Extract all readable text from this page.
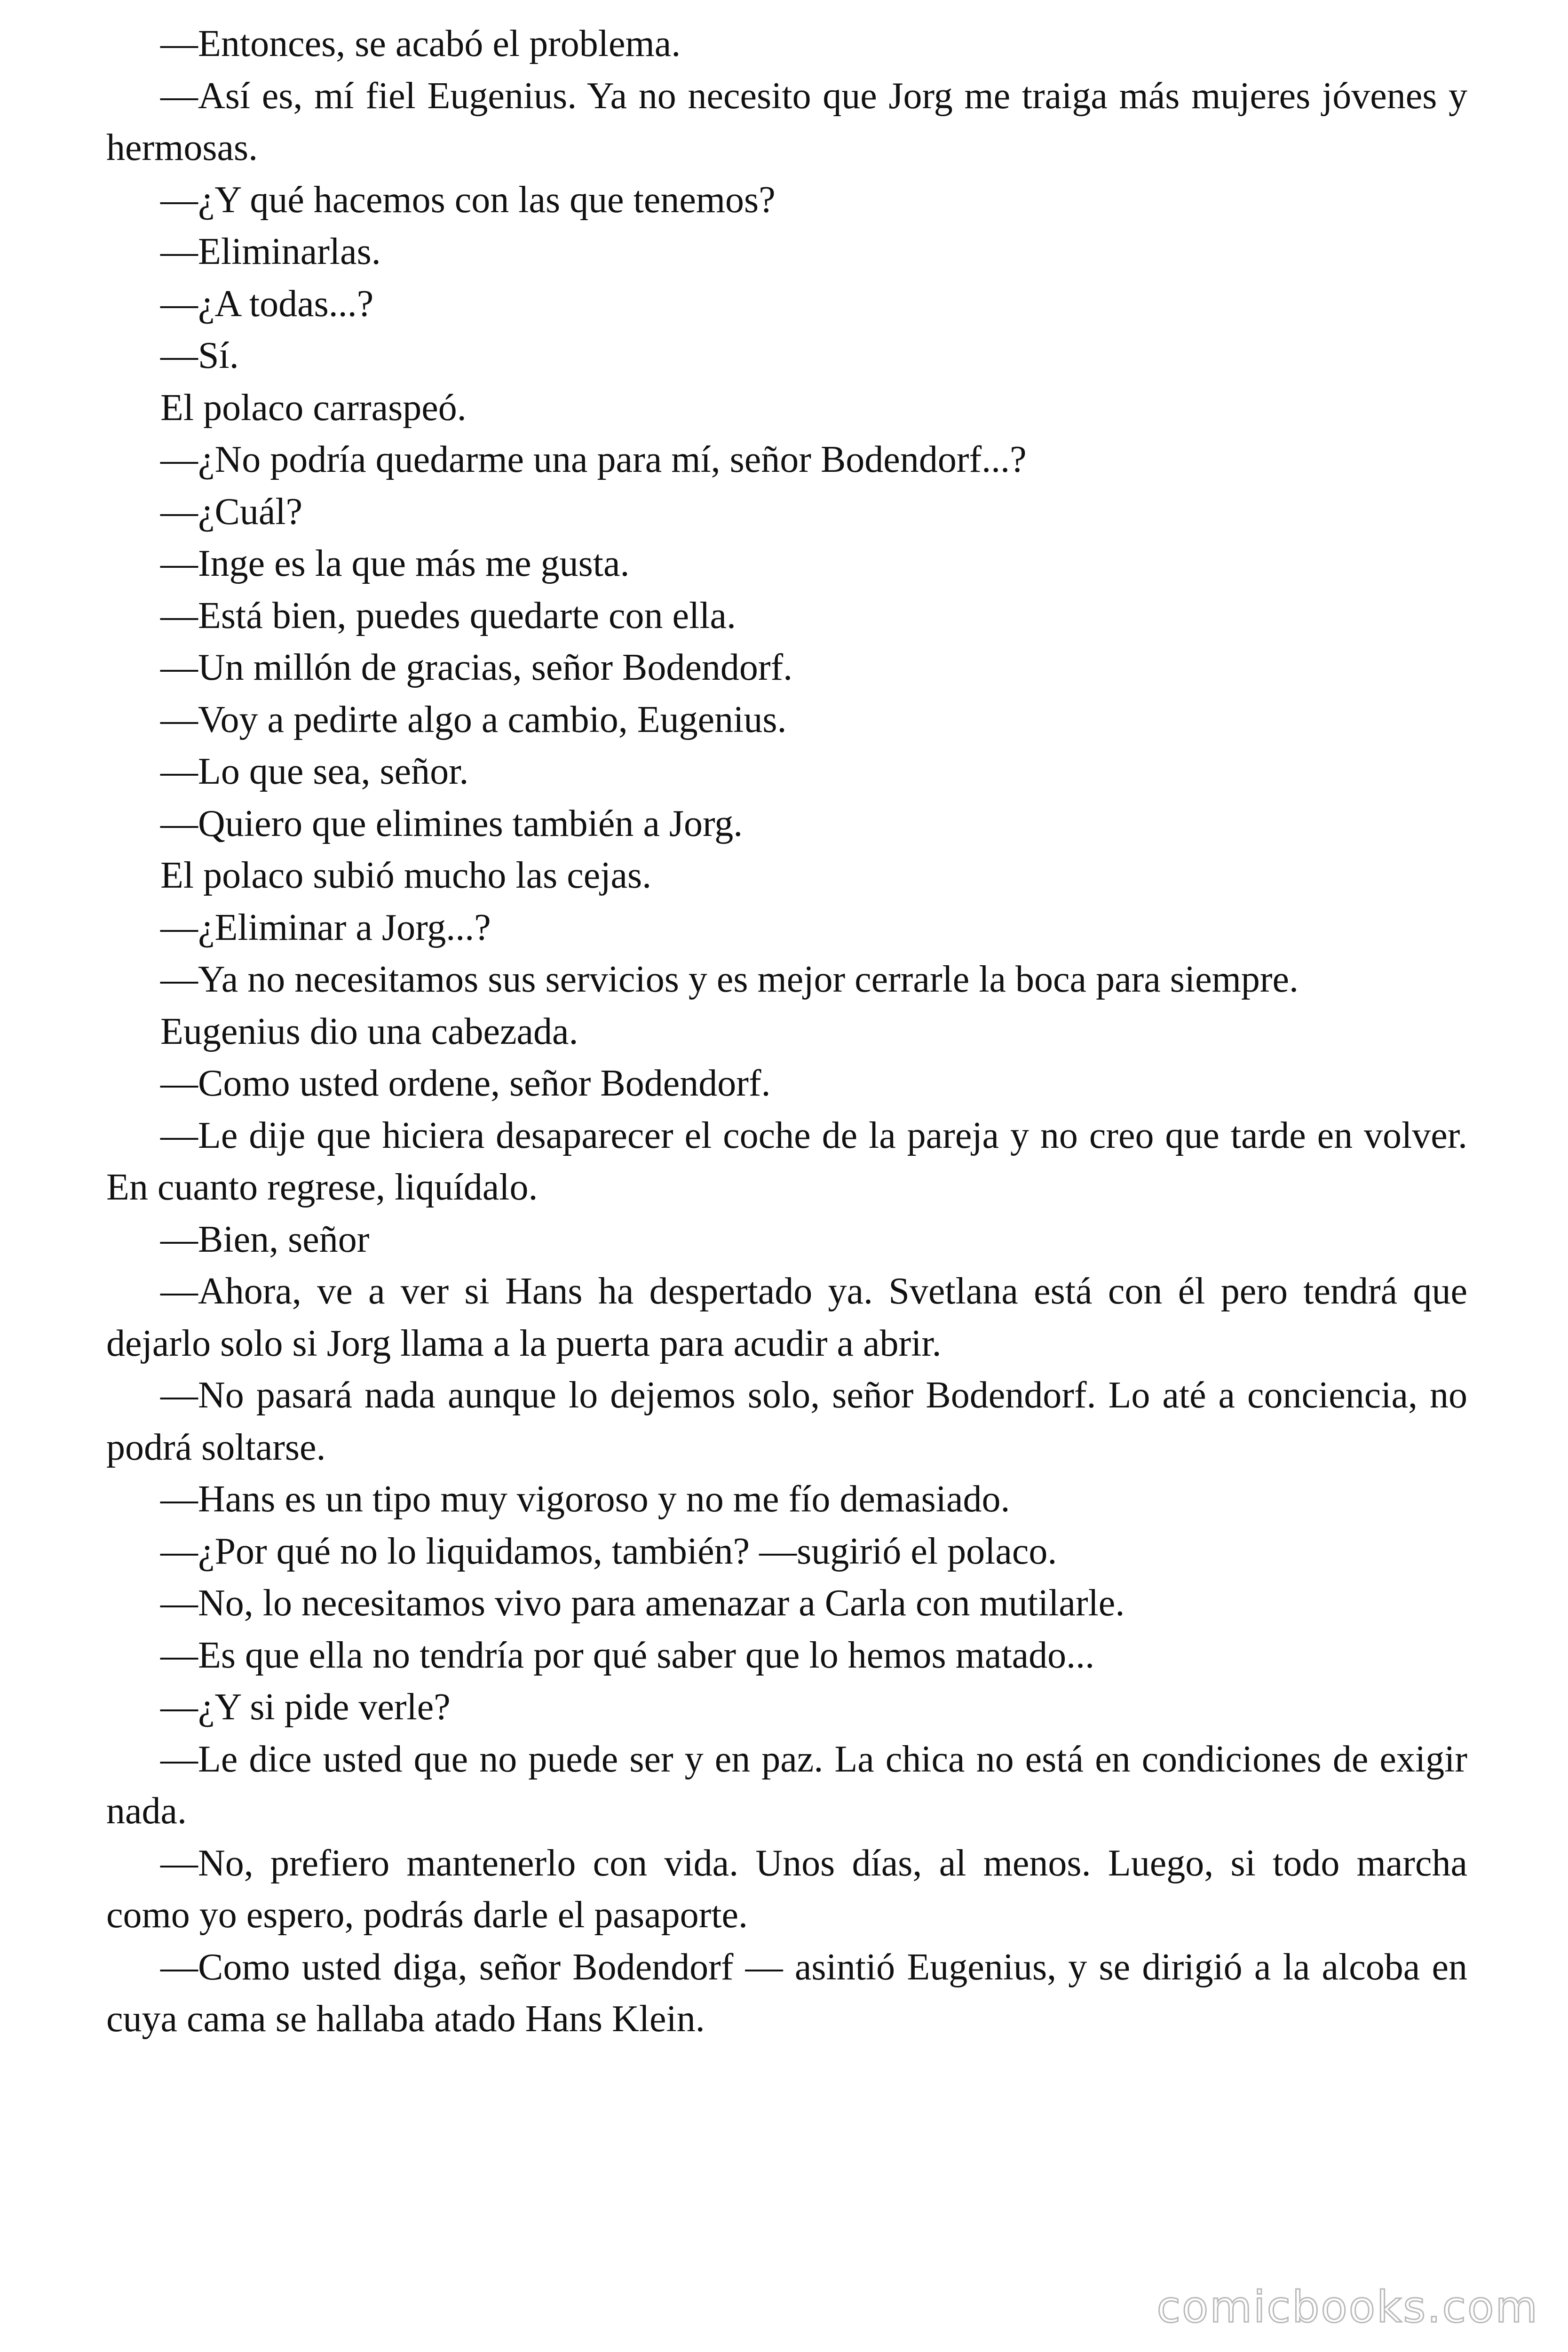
—Entonces, se acabó el problema.

—Así es, mí fiel Eugenius. Ya no necesito que Jorg me traiga más mujeres jóvenes y hermosas.

—¿Y qué hacemos con las que tenemos?

—Eliminarlas.

—¿A todas...?

—Sí.

El polaco carraspeó.

—¿No podría quedarme una para mí, señor Bodendorf...?

—¿Cuál?

—Inge es la que más me gusta.

—Está bien, puedes quedarte con ella.

—Un millón de gracias, señor Bodendorf.

—Voy a pedirte algo a cambio, Eugenius.

—Lo que sea, señor.

—Quiero que elimines también a Jorg.

El polaco subió mucho las cejas.

—¿Eliminar a Jorg...?

—Ya no necesitamos sus servicios y es mejor cerrarle la boca para siempre.

Eugenius dio una cabezada.

—Como usted ordene, señor Bodendorf.

—Le dije que hiciera desaparecer el coche de la pareja y no creo que tarde en volver. En cuanto regrese, liquídalo.

—Bien, señor

—Ahora, ve a ver si Hans ha despertado ya. Svetlana está con él pero tendrá que dejarlo solo si Jorg llama a la puerta para acudir a abrir.

—No pasará nada aunque lo dejemos solo, señor Bodendorf. Lo até a conciencia, no podrá soltarse.

—Hans es un tipo muy vigoroso y no me fío demasiado.

—¿Por qué no lo liquidamos, también? —sugirió el polaco.

—No, lo necesitamos vivo para amenazar a Carla con mutilarle.

—Es que ella no tendría por qué saber que lo hemos matado...

—¿Y si pide verle?

—Le dice usted que no puede ser y en paz. La chica no está en condiciones de exigir nada.

—No, prefiero mantenerlo con vida. Unos días, al menos. Luego, si todo marcha como yo espero, podrás darle el pasaporte.

—Como usted diga, señor Bodendorf — asintió Eugenius, y se dirigió a la alcoba en cuya cama se hallaba atado Hans Klein.

comicbooks.com
